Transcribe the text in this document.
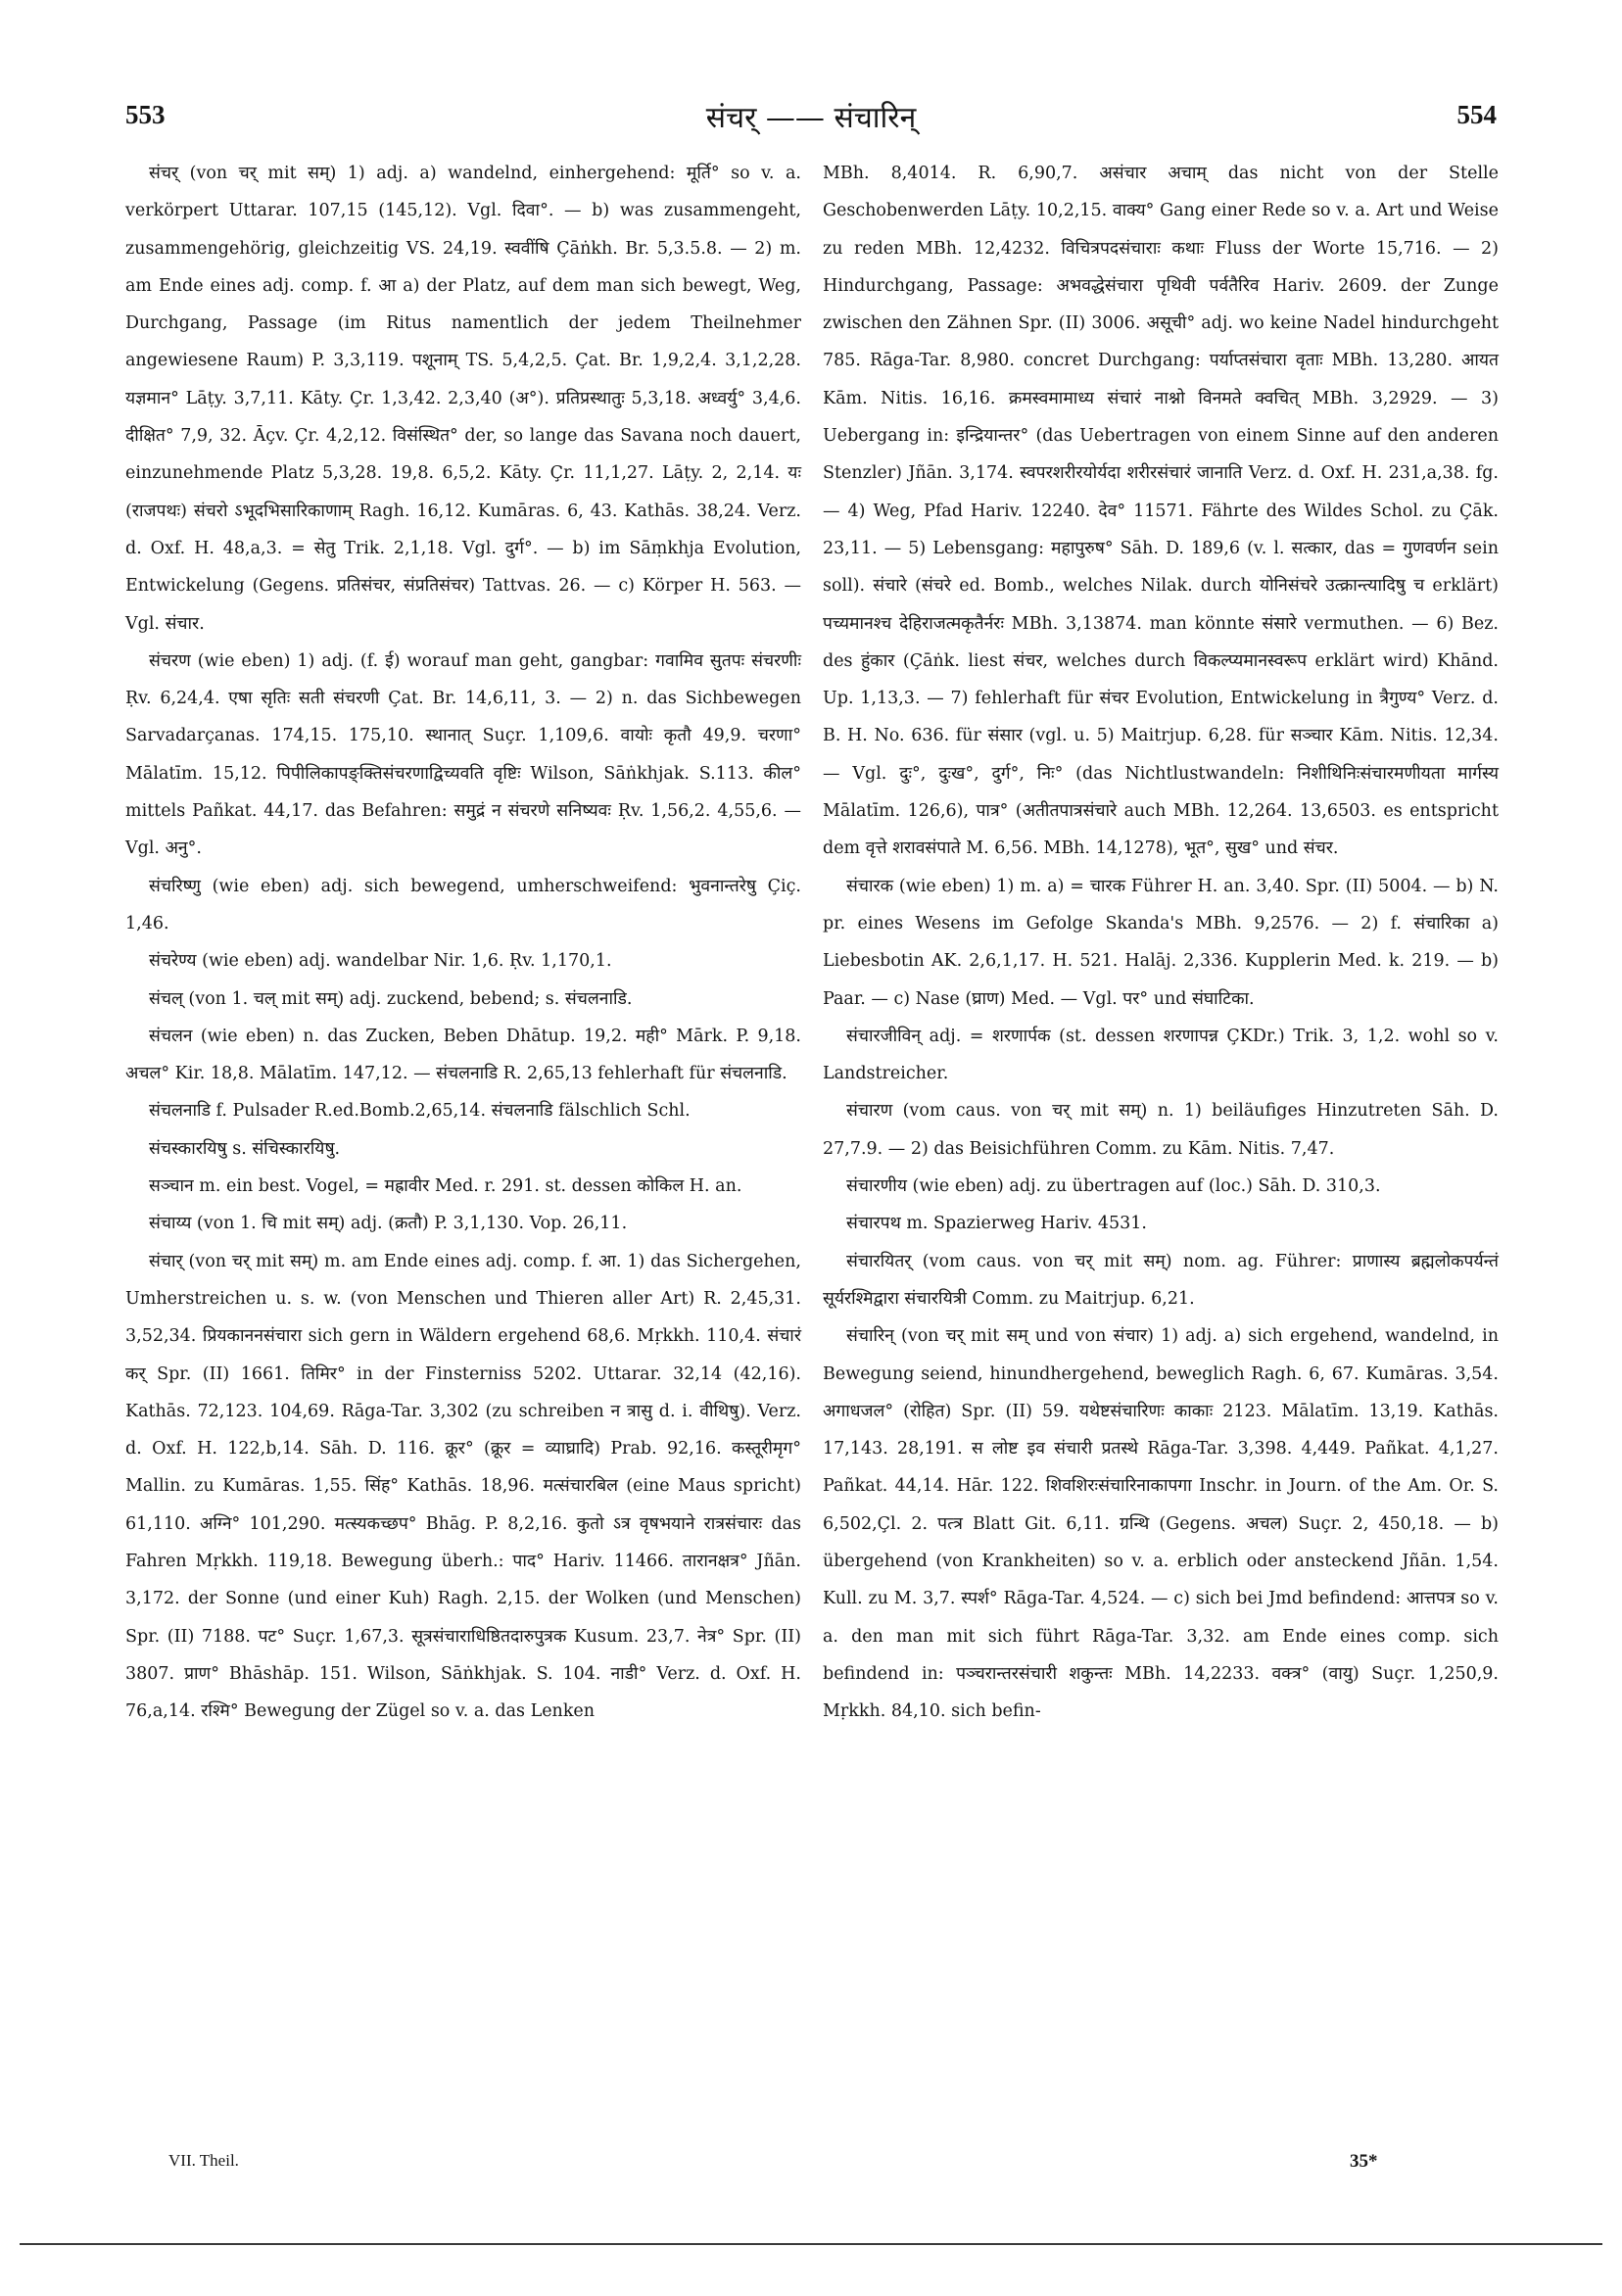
553	संचर् —— संचारिन्	554

संचर् (von चर् mit सम्) 1) adj. a) wandelnd, einhergehend: मूर्ति° so v. a. verkörpert Uttarar. 107,15 (145,12). Vgl. दिवा°. — b) was zusammengeht, zusammengehörig, gleichzeitig VS. 24,19. स्ववींषि Çāṅkh. Br. 5,3.5.8. — 2) m. am Ende eines adj. comp. f. आ a) der Platz, auf dem man sich bewegt, Weg, Durchgang, Passage (im Ritus namentlich der jedem Theilnehmer angewiesene Raum) P. 3,3,119. पशूनाम् TS. 5,4,2,5. Çat. Br. 1,9,2,4. 3,1,2,28. यज्ञमान° Lāṭy. 3,7,11. Kāty. Çr. 1,3,42. 2,3,40 (अ°). प्रतिप्रस्थातुः 5,3,18. अध्वर्यु° 3,4,6. दीक्षित° 7,9, 32. Āçv. Çr. 4,2,12. विसंस्थित° der, so lange das Savana noch dauert, einzunehmende Platz 5,3,28. 19,8. 6,5,2. Kāty. Çr. 11,1,27. Lāṭy. 2, 2,14. यः (राजपथः) संचरो ऽभूदभिसारिकाणाम् Ragh. 16,12. Kumāras. 6, 43. Kathās. 38,24. Verz. d. Oxf. H. 48,a,3. = सेतु Trik. 2,1,18. Vgl. दुर्ग°. — b) im Sāṃkhja Evolution, Entwickelung (Gegens. प्रतिसंचर, संप्रतिसंचर) Tattvas. 26. — c) Körper H. 563. — Vgl. संचार.

संचरण (wie eben) 1) adj. (f. ई) worauf man geht, gangbar: गवामिव सुतपः संचरणीः Ṛv. 6,24,4. एषा सृतिः सती संचरणी Çat. Br. 14,6,11, 3. — 2) n. das Sichbewegen Sarvadarçanas. 174,15. 175,10. स्थानात् Suçr. 1,109,6. वायोः कृतौ 49,9. चरणा° Mālatīm. 15,12. पिपीलिकापङ्क्तिसंचरणाद्विच्यवति वृष्टिः Wilson, Sāṅkhjak. S.113. कील° mittels Pañkat. 44,17. das Befahren: समुद्रं न संचरणे सनिष्यवः Ṛv. 1,56,2. 4,55,6. — Vgl. अनु°.

संचरिष्णु (wie eben) adj. sich bewegend, umherschweifend: भुवनान्तरेषु Çiç. 1,46.

संचरेण्य (wie eben) adj. wandelbar Nir. 1,6. Ṛv. 1,170,1.

संचल् (von 1. चल् mit सम्) adj. zuckend, bebend; s. संचलनाडि.

संचलन (wie eben) n. das Zucken, Beben Dhātup. 19,2. मही° Mārk. P. 9,18. अचल° Kir. 18,8. Mālatīm. 147,12. — संचलनाडि R. 2,65,13 fehlerhaft für संचलनाडि.

संचलनाडि f. Pulsader R.ed.Bomb.2,65,14. संचलनाडि fälschlich Schl.

संचस्कारयिषु s. संचिस्कारयिषु.

सञ्चान m. ein best. Vogel, = मह्रावीर Med. r. 291. st. dessen कोकिल H. an.

संचाय्य (von 1. चि mit सम्) adj. (क्रतौ) P. 3,1,130. Vop. 26,11.

संचार् (von चर् mit सम्) m. am Ende eines adj. comp. f. आ. 1) das Sichergehen, Umherstreichen u. s. w. (von Menschen und Thieren aller Art) R. 2,45,31. 3,52,34. प्रियकाननसंचारा sich gern in Wäldern ergehend 68,6. Mṛkkh. 110,4. संचारं कर् Spr. (II) 1661. तिमिर° in der Finsterniss 5202. Uttarar. 32,14 (42,16). Kathās. 72,123. 104,69. Rāga-Tar. 3,302 (zu schreiben न त्रासु d. i. वीथिषु). Verz. d. Oxf. H. 122,b,14. Sāh. D. 116. क्रूर° (क्रूर = व्याघ्रादि) Prab. 92,16. कस्तूरीमृग° Mallin. zu Kumāras. 1,55. सिंह° Kathās. 18,96. मत्संचारबिल (eine Maus spricht) 61,110. अग्नि° 101,290. मत्स्यकच्छप° Bhāg. P. 8,2,16. कुतो ऽत्र वृषभयाने रात्रसंचारः das Fahren Mṛkkh. 119,18. Bewegung überh.: पाद° Hariv. 11466. तारानक्षत्र° Jñān. 3,172. der Sonne (und einer Kuh) Ragh. 2,15. der Wolken (und Menschen) Spr. (II) 7188. पट° Suçr. 1,67,3. सूत्रसंचाराधिष्ठितदारुपुत्रक Kusum. 23,7. नेत्र° Spr. (II) 3807. प्राण° Bhāshāp. 151. Wilson, Sāṅkhjak. S. 104. नाडी° Verz. d. Oxf. H. 76,a,14. रश्मि° Bewegung der Zügel so v. a. das Lenken

MBh. 8,4014. R. 6,90,7. असंचार अचाम् das nicht von der Stelle Geschobenwerden Lāṭy. 10,2,15. वाक्य° Gang einer Rede so v. a. Art und Weise zu reden MBh. 12,4232. विचित्रपदसंचाराः कथाः Fluss der Worte 15,716. — 2) Hindurchgang, Passage: अभवद्धेसंचारा पृथिवी पर्वतैरिव Hariv. 2609. der Zunge zwischen den Zähnen Spr. (II) 3006. असूची° adj. wo keine Nadel hindurchgeht 785. Rāga-Tar. 8,980. concret Durchgang: पर्याप्तसंचारा वृताः MBh. 13,280. आयत Kām. Nitis. 16,16. क्रमस्वमामाध्य संचारं नाश्नो विनमते क्वचित् MBh. 3,2929. — 3) Uebergang in: इन्द्रियान्तर° (das Uebertragen von einem Sinne auf den anderen Stenzler) Jñān. 3,174. स्वपरशरीरयोर्यदा शरीरसंचारं जानाति Verz. d. Oxf. H. 231,a,38. fg. — 4) Weg, Pfad Hariv. 12240. देव° 11571. Fährte des Wildes Schol. zu Çāk. 23,11. — 5) Lebensgang: महापुरुष° Sāh. D. 189,6 (v. l. सत्कार, das = गुणवर्णन sein soll). संचारे (संचरे ed. Bomb., welches Nilak. durch योनिसंचरे उत्क्रान्त्यादिषु च erklärt) पच्यमानश्च देहिराजत्मकृतैर्नरः MBh. 3,13874. man könnte संसारे vermuthen. — 6) Bez. des हुंकार (Çāṅk. liest संचर, welches durch विकल्प्यमानस्वरूप erklärt wird) Khānd. Up. 1,13,3. — 7) fehlerhaft für संचर Evolution, Entwickelung in त्रैगुण्य° Verz. d. B. H. No. 636. für संसार (vgl. u. 5) Maitrjup. 6,28. für सञ्चार Kām. Nitis. 12,34. — Vgl. दुः°, दुःख°, दुर्ग°, निः° (das Nichtlustwandeln: निशीथिनिःसंचारमणीयता मार्गस्य Mālatīm. 126,6), पात्र° (अतीतपात्रसंचारे auch MBh. 12,264. 13,6503. es entspricht dem वृत्ते शरावसंपाते M. 6,56. MBh. 14,1278), भूत°, सुख° und संचर.

संचारक (wie eben) 1) m. a) = चारक Führer H. an. 3,40. Spr. (II) 5004. — b) N. pr. eines Wesens im Gefolge Skanda's MBh. 9,2576. — 2) f. संचारिका a) Liebesbotin AK. 2,6,1,17. H. 521. Halāj. 2,336. Kupplerin Med. k. 219. — b) Paar. — c) Nase (घ्राण) Med. — Vgl. पर° und संघाटिका.

संचारजीविन् adj. = शरणार्पक (st. dessen शरणापन्न ÇKDr.) Trik. 3, 1,2. wohl so v. Landstreicher.

संचारण (vom caus. von चर् mit सम्) n. 1) beiläufiges Hinzutreten Sāh. D. 27,7.9. — 2) das Beisichführen Comm. zu Kām. Nitis. 7,47.

संचारणीय (wie eben) adj. zu übertragen auf (loc.) Sāh. D. 310,3.

संचारपथ m. Spazierweg Hariv. 4531.

संचारयितर् (vom caus. von चर् mit सम्) nom. ag. Führer: प्राणास्य ब्रह्मलोकपर्यन्तं सूर्यरश्मिद्वारा संचारयित्री Comm. zu Maitrjup. 6,21.

संचारिन् (von चर् mit सम् und von संचार) 1) adj. a) sich ergehend, wandelnd, in Bewegung seiend, hinundhergehend, beweglich Ragh. 6, 67. Kumāras. 3,54. अगाधजल° (रोहित) Spr. (II) 59. यथेष्टसंचारिणः काकाः 2123. Mālatīm. 13,19. Kathās. 17,143. 28,191. स लोष्ट इव संचारी प्रतस्थे Rāga-Tar. 3,398. 4,449. Pañkat. 4,1,27. Pañkat. 44,14. Hār. 122. शिवशिरःसंचारिनाकापगा Inschr. in Journ. of the Am. Or. S. 6,502,Çl. 2. पत्त्र Blatt Git. 6,11. ग्रन्थि (Gegens. अचल) Suçr. 2, 450,18. — b) übergehend (von Krankheiten) so v. a. erblich oder ansteckend Jñān. 1,54. Kull. zu M. 3,7. स्पर्श° Rāga-Tar. 4,524. — c) sich bei Jmd befindend: आत्तपत्र so v. a. den man mit sich führt Rāga-Tar. 3,32. am Ende eines comp. sich befindend in: पञ्चरान्तरसंचारी शकुन्तः MBh. 14,2233. वक्त्र° (वायु) Suçr. 1,250,9. Mṛkkh. 84,10. sich befin-

VII. Theil.	35*
